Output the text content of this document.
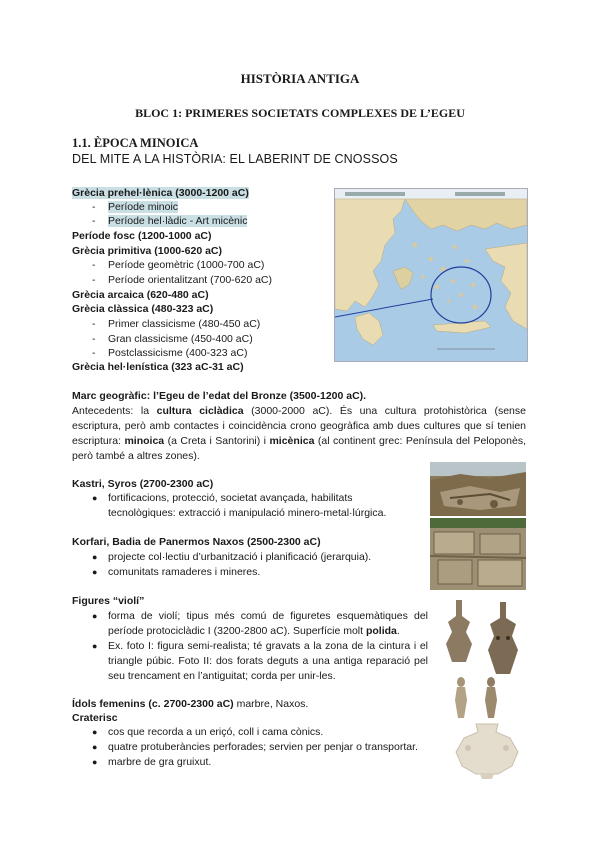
HISTÒRIA ANTIGA
BLOC 1: PRIMERES SOCIETATS COMPLEXES DE L’EGEU
1.1. ÈPOCA MINOICA
DEL MITE A LA HISTÒRIA: EL LABERINT DE CNOSSOS
Grècia prehel·lènica (3000-1200 aC)
- Període minoic
- Període hel·làdic - Art micènic
Període fosc (1200-1000 aC)
Grècia primitiva (1000-620 aC)
- Període geomètric (1000-700 aC)
- Període orientalitzant (700-620 aC)
Grècia arcaica (620-480 aC)
Grècia clàssica (480-323 aC)
- Primer classicisme (480-450 aC)
- Gran classicisme (450-400 aC)
- Postclassicisme (400-323 aC)
Grècia hel·lenística (323 aC-31 aC)
Marc geogràfic: l’Egeu de l’edat del Bronze (3500-1200 aC).
Antecedents: la cultura ciclàdica (3000-2000 aC). És una cultura protohistòrica (sense escriptura, però amb contactes i coincidència crono geogràfica amb dues cultures que sí tenien escriptura: minoica (a Creta i Santorini) i micènica (al continent grec: Península del Peloponès, però també a altres zones).
Kastri, Syros (2700-2300 aC)
● fortificacions, protecció, societat avançada, habilitats tecnològiques: extracció i manipulació minero-metal·lúrgica.
Korfari, Badia de Panermos Naxos (2500-2300 aC)
● projecte col·lectiu d’urbanització i planificació (jerarquia).
● comunitats ramaderes i mineres.
Figures “violí”
● forma de violí; tipus més comú de figuretes esquemàtiques del període protociclàdic I (3200-2800 aC). Superfície molt polida.
● Ex. foto I: figura semi-realista; té gravats a la zona de la cintura i el triangle púbic. Foto II: dos forats deguts a una antiga reparació pel seu trencament en l’antiguitat; corda per unir-les.
Ídols femenins (c. 2700-2300 aC) marbre, Naxos.
Craterisc
● cos que recorda a un eriçó, coll i cama cònics.
● quatre protuberàncies perforades; servien per penjar o transportar.
● marbre de gra gruixut.
